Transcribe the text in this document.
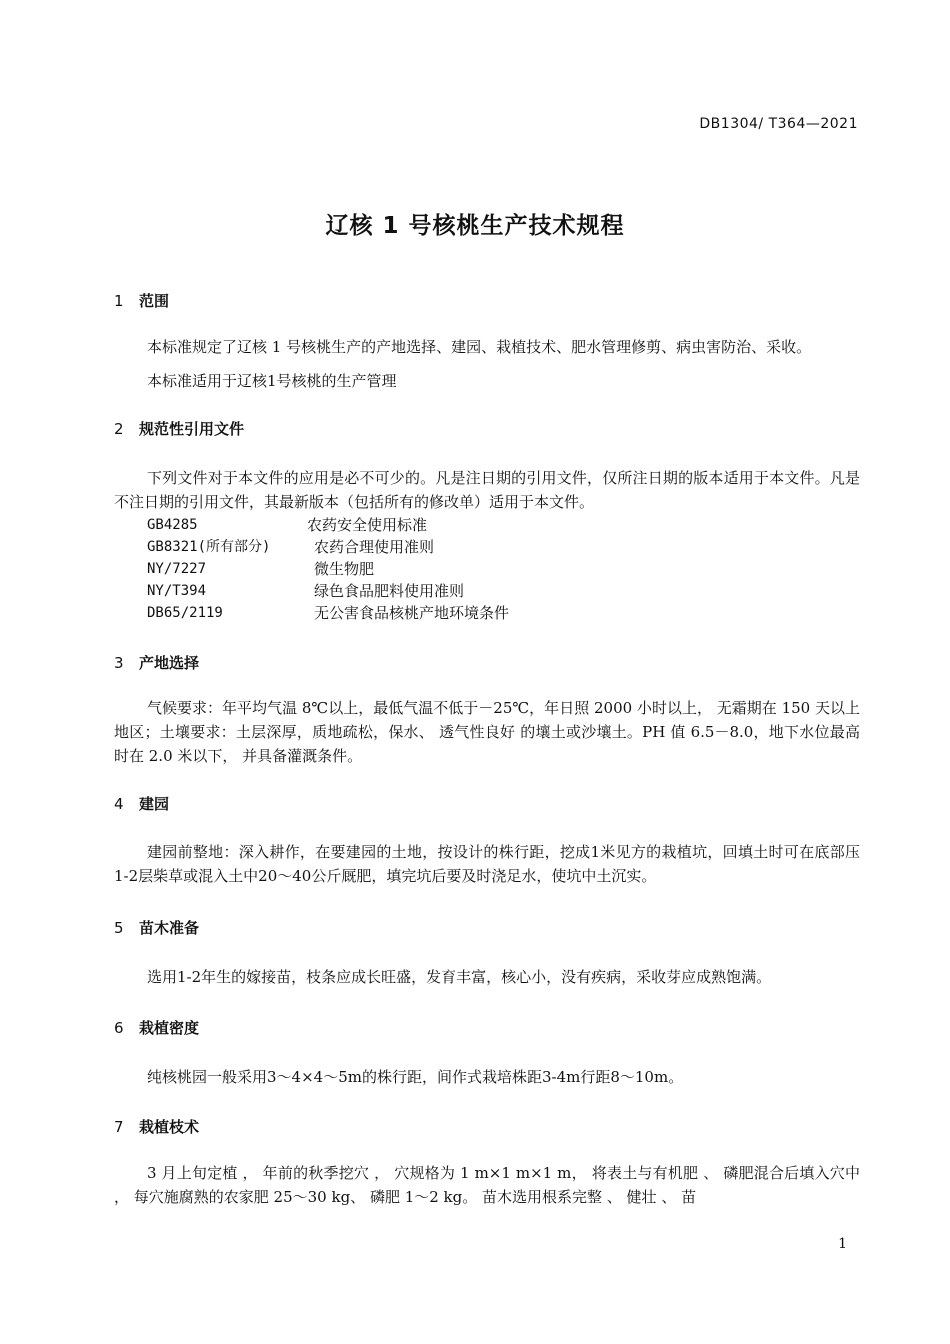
DB1304/ T364—2021
辽核 1 号核桃生产技术规程
1 范围
本标准规定了辽核 1 号核桃生产的产地选择、建园、栽植技术、肥水管理修剪、病虫害防治、采收。
本标准适用于辽核1号核桃的生产管理
2 规范性引用文件
下列文件对于本文件的应用是必不可少的。凡是注日期的引用文件，仅所注日期的版本适用于本文件。凡是不注日期的引用文件，其最新版本（包括所有的修改单）适用于本文件。
GB4285	农药安全使用标准
GB8321(所有部分)	农药合理使用准则
NY/7227	微生物肥
NY/T394	绿色食品肥料使用准则
DB65/2119	无公害食品核桃产地环境条件
3 产地选择
气候要求：年平均气温 8℃以上，最低气温不低于－25℃，年日照 2000 小时以上， 无霜期在 150 天以上地区；土壤要求：土层深厚，质地疏松，保水、 透气性良好 的壤土或沙壤土。PH 值 6.5－8.0，地下水位最高时在 2.0 米以下， 并具备灌溉条件。
4 建园
建园前整地：深入耕作，在要建园的土地，按设计的株行距，挖成1米见方的栽植坑，回填土时可在底部压1-2层柴草或混入土中20～40公斤厩肥，填完坑后要及时浇足水，使坑中土沉实。
5 苗木准备
选用1-2年生的嫁接苗，枝条应成长旺盛，发育丰富，核心小，没有疾病，采收芽应成熟饱满。
6 栽植密度
纯核桃园一般采用3～4×4～5m的株行距，间作式栽培株距3-4m行距8～10m。
7 栽植枝术
3 月上旬定植 ， 年前的秋季挖穴 ， 穴规格为 1 m×1 m×1 m， 将表土与有机肥 、 磷肥混合后填入穴中 ， 每穴施腐熟的农家肥 25～30 kg、 磷肥 1～2 kg。 苗木选用根系完整 、 健壮 、 苗
1
